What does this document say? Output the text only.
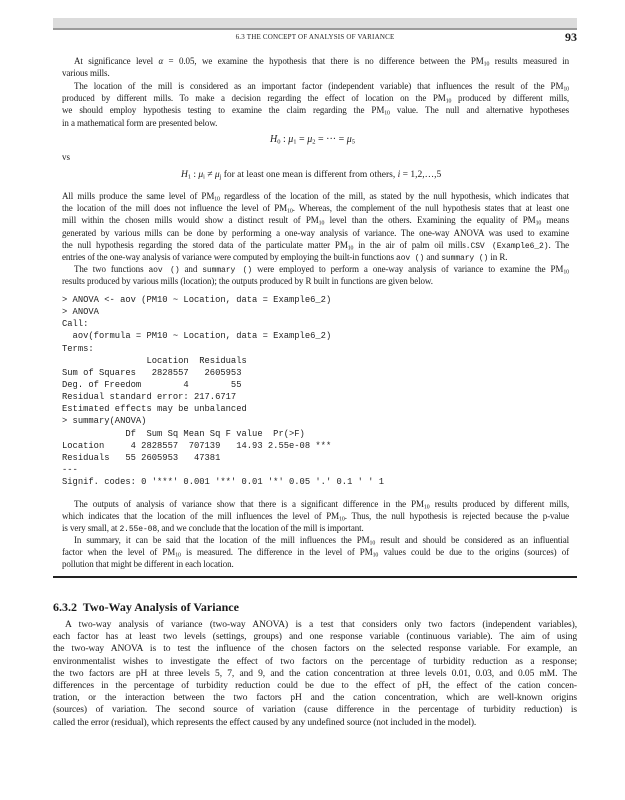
6.3 THE CONCEPT OF ANALYSIS OF VARIANCE	93
At significance level α = 0.05, we examine the hypothesis that there is no difference between the $PM_{10}$ results measured in
various mills.
The location of the mill is considered as an important factor (independent variable) that influences the result of the $PM_{10}$
produced by different mills. To make a decision regarding the effect of location on the $PM_{10}$ produced by different mills,
we should employ hypothesis testing to examine the claim regarding the $PM_{10}$ value. The null and alternative hypotheses
in a mathematical form are presented below.
$H_0$ : $\mu_1 = \mu_2$ = ··· = $\mu_5$
vs
$H_1$ : $\mu_i \ne \mu_j$ for at least one mean is different from others, i = 1,2,…,5
All mills produce the same level of $PM_{10}$ regardless of the location of the mill, as stated by the null hypothesis, which indicates that
the location of the mill does not influence the level of $PM_{10}$. Whereas, the complement of the null hypothesis states that at least one
mill within the chosen mills would show a distinct result of $PM_{10}$ level than the others. Examining the equality of $PM_{10}$ means
generated by various mills can be done by performing a one-way analysis of variance. The one-way ANOVA was used to examine
the null hypothesis regarding the stored data of the particulate matter $PM_{10}$ in the air of palm oil mills.CSV (Example6_2). The
entries of the one-way analysis of variance were computed by employing the built-in functions aov () and summary () in R.
The two functions aov () and summary () were employed to perform a one-way analysis of variance to examine the $PM_{10}$
results produced by various mills (location); the outputs produced by R built in functions are given below.
> ANOVA <- aov (PM10 ~ Location, data = Example6_2)
> ANOVA
Call:
aov(formula = PM10 ~ Location, data = Example6_2)
Terms:
Location  Residuals
Sum of Squares   2828557   2605953
Deg. of Freedom        4        55
Residual standard error: 217.6717
Estimated effects may be unbalanced
> summary(ANOVA)
Df  Sum Sq Mean Sq F value  Pr(>F)
Location     4 2828557  707139   14.93 2.55e-08 ***
Residuals   55 2605953   47381
---
Signif. codes: 0 '***' 0.001 '**' 0.01 '*' 0.05 '.' 0.1 ' ' 1
The outputs of analysis of variance show that there is a significant difference in the $PM_{10}$ results produced by different mills,
which indicates that the location of the mill influences the level of $PM_{10}$. Thus, the null hypothesis is rejected because the p-value
is very small, at 2.55e-08, and we conclude that the location of the mill is important.
In summary, it can be said that the location of the mill influences the $PM_{10}$ result and should be considered as an influential
factor when the level of $PM_{10}$ is measured. The difference in the level of $PM_{10}$ values could be due to the origins (sources) of
pollution that might be different in each location.
6.3.2  Two-Way Analysis of Variance
A two-way analysis of variance (two-way ANOVA) is a test that considers only two factors (independent variables),
each factor has at least two levels (settings, groups) and one response variable (continuous variable). The aim of using
the two-way ANOVA is to test the influence of the chosen factors on the selected response variable. For example, an
environmentalist wishes to investigate the effect of two factors on the percentage of turbidity reduction as a response;
the two factors are pH at three levels 5, 7, and 9, and the cation concentration at three levels 0.01, 0.03, and 0.05 mM. The
differences in the percentage of turbidity reduction could be due to the effect of pH, the effect of the cation concen-
tration, or the interaction between the two factors pH and the cation concentration, which are well-known origins
(sources) of variation. The second source of variation (cause difference in the percentage of turbidity reduction) is
called the error (residual), which represents the effect caused by any undefined source (not included in the model).
